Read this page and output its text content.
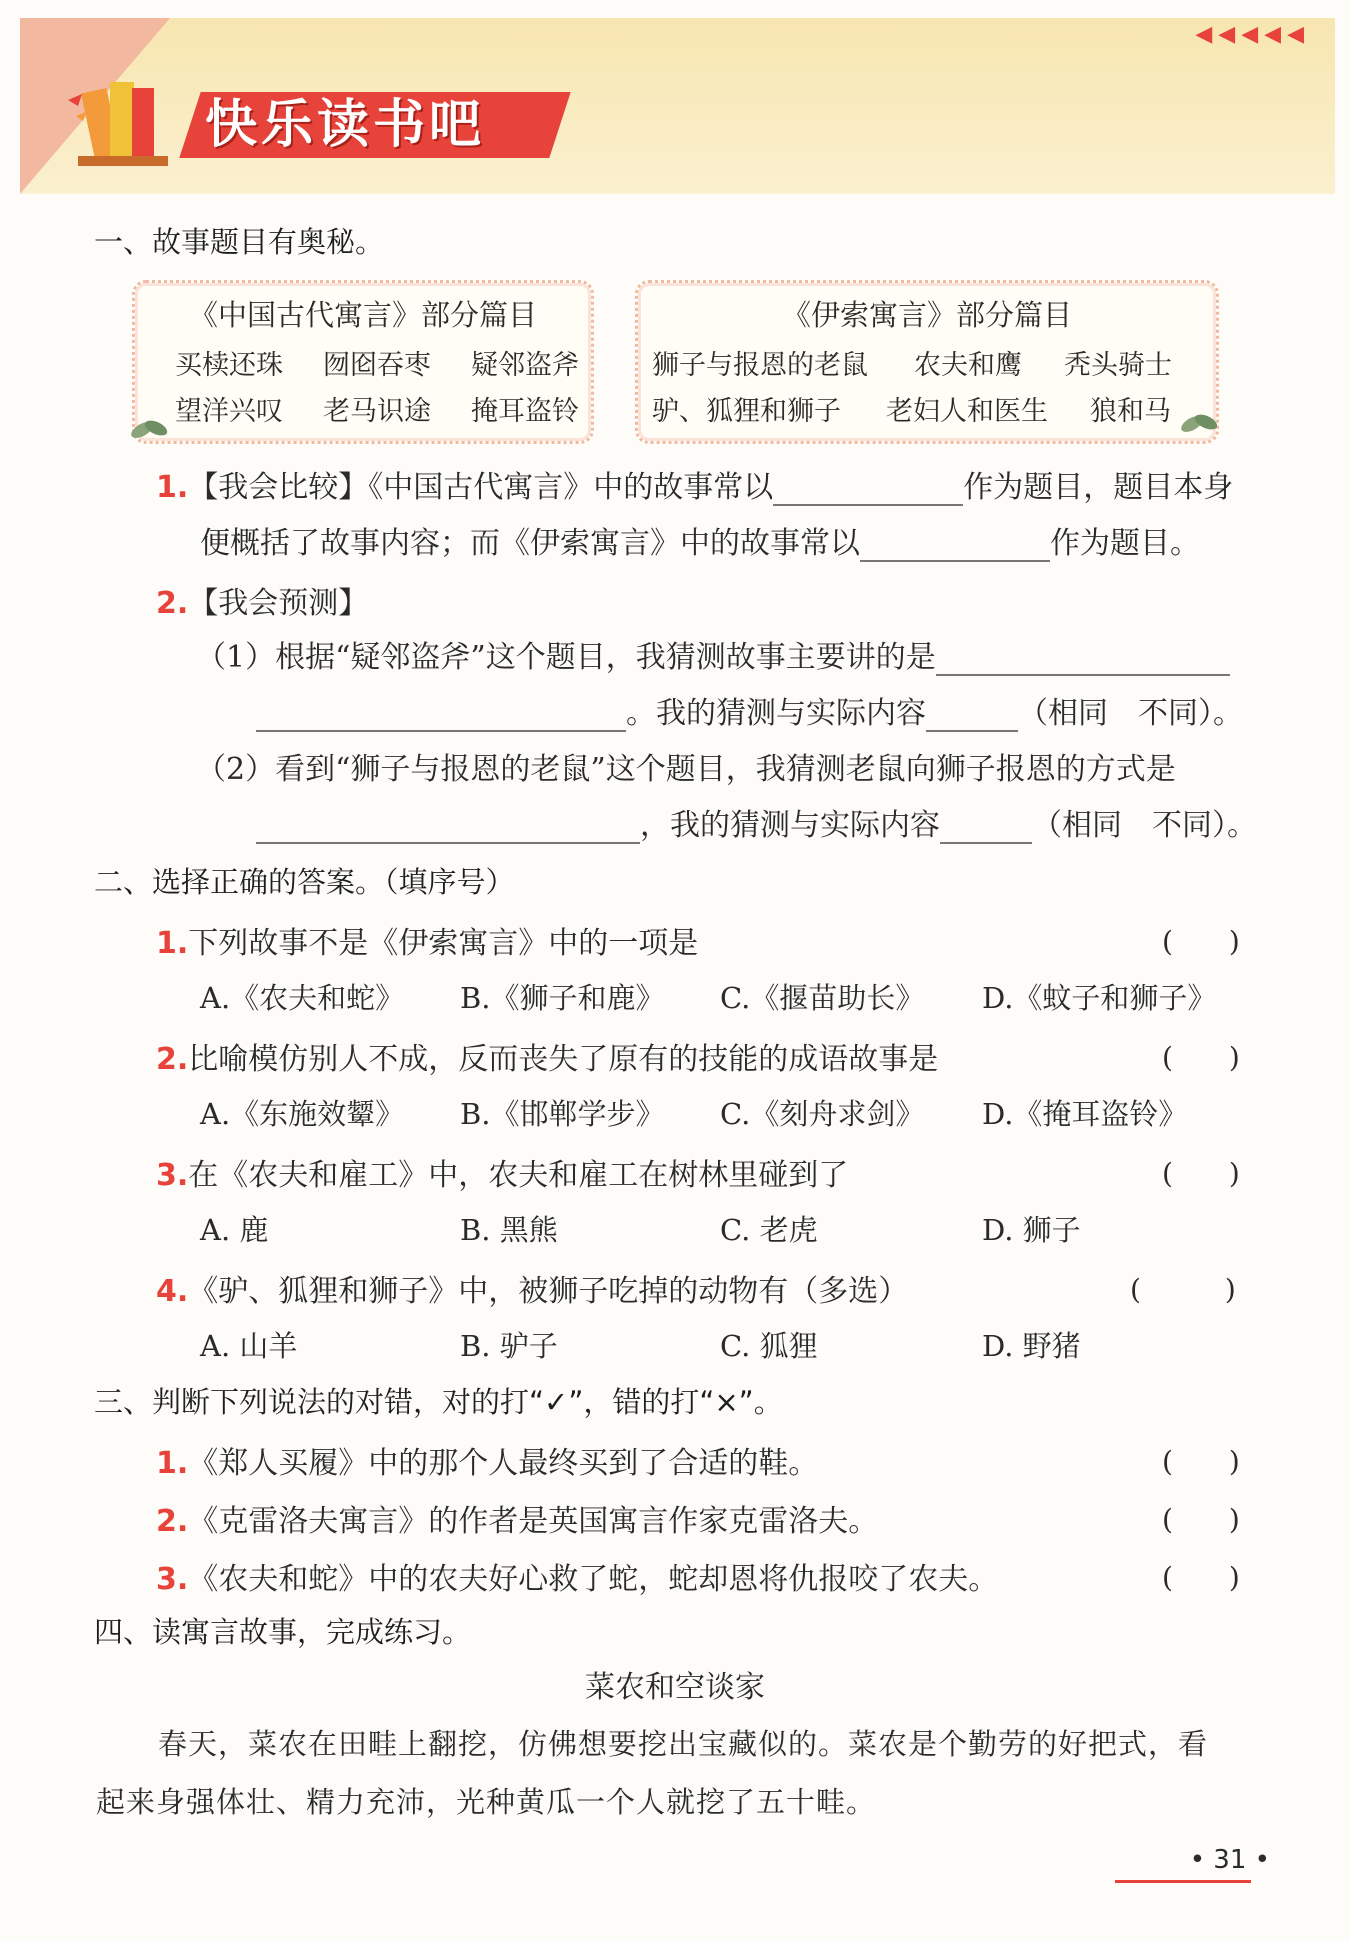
快乐读书吧
◀◀◀◀◀
一、故事题目有奥秘。
《中国古代寓言》部分篇目
买椟还珠 囫囵吞枣 疑邻盗斧
望洋兴叹 老马识途 掩耳盗铃
《伊索寓言》部分篇目
狮子与报恩的老鼠 农夫和鹰 秃头骑士
驴、狐狸和狮子 老妇人和医生 狼和马
1.【我会比较】《中国古代寓言》中的故事常以	作为题目，题目本身
便概括了故事内容；而《伊索寓言》中的故事常以	作为题目。
2.【我会预测】
（1）根据“疑邻盗斧”这个题目，我猜测故事主要讲的是
。我的猜测与实际内容	（相同　不同）。
（2）看到“狮子与报恩的老鼠”这个题目，我猜测老鼠向狮子报恩的方式是
，我的猜测与实际内容	（相同　不同）。
二、选择正确的答案。（填序号）
1.下列故事不是《伊索寓言》中的一项是	(　　)
A.《农夫和蛇》 B.《狮子和鹿》 C.《揠苗助长》 D.《蚊子和狮子》
2.比喻模仿别人不成，反而丧失了原有的技能的成语故事是	(　　)
A.《东施效颦》 B.《邯郸学步》 C.《刻舟求剑》 D.《掩耳盗铃》
3.在《农夫和雇工》中，农夫和雇工在树林里碰到了	(　　)
A. 鹿	B. 黑熊	C. 老虎	D. 狮子
4.《驴、狐狸和狮子》中，被狮子吃掉的动物有（多选）	(　　　)
A. 山羊	B. 驴子	C. 狐狸	D. 野猪
三、判断下列说法的对错，对的打“✓”，错的打“×”。
1.《郑人买履》中的那个人最终买到了合适的鞋。	(　　)
2.《克雷洛夫寓言》的作者是英国寓言作家克雷洛夫。	(　　)
3.《农夫和蛇》中的农夫好心救了蛇，蛇却恩将仇报咬了农夫。	(　　)
四、读寓言故事，完成练习。
菜农和空谈家
春天，菜农在田畦上翻挖，仿佛想要挖出宝藏似的。菜农是个勤劳的好把式，看
起来身强体壮、精力充沛，光种黄瓜一个人就挖了五十畦。
• 31 •
